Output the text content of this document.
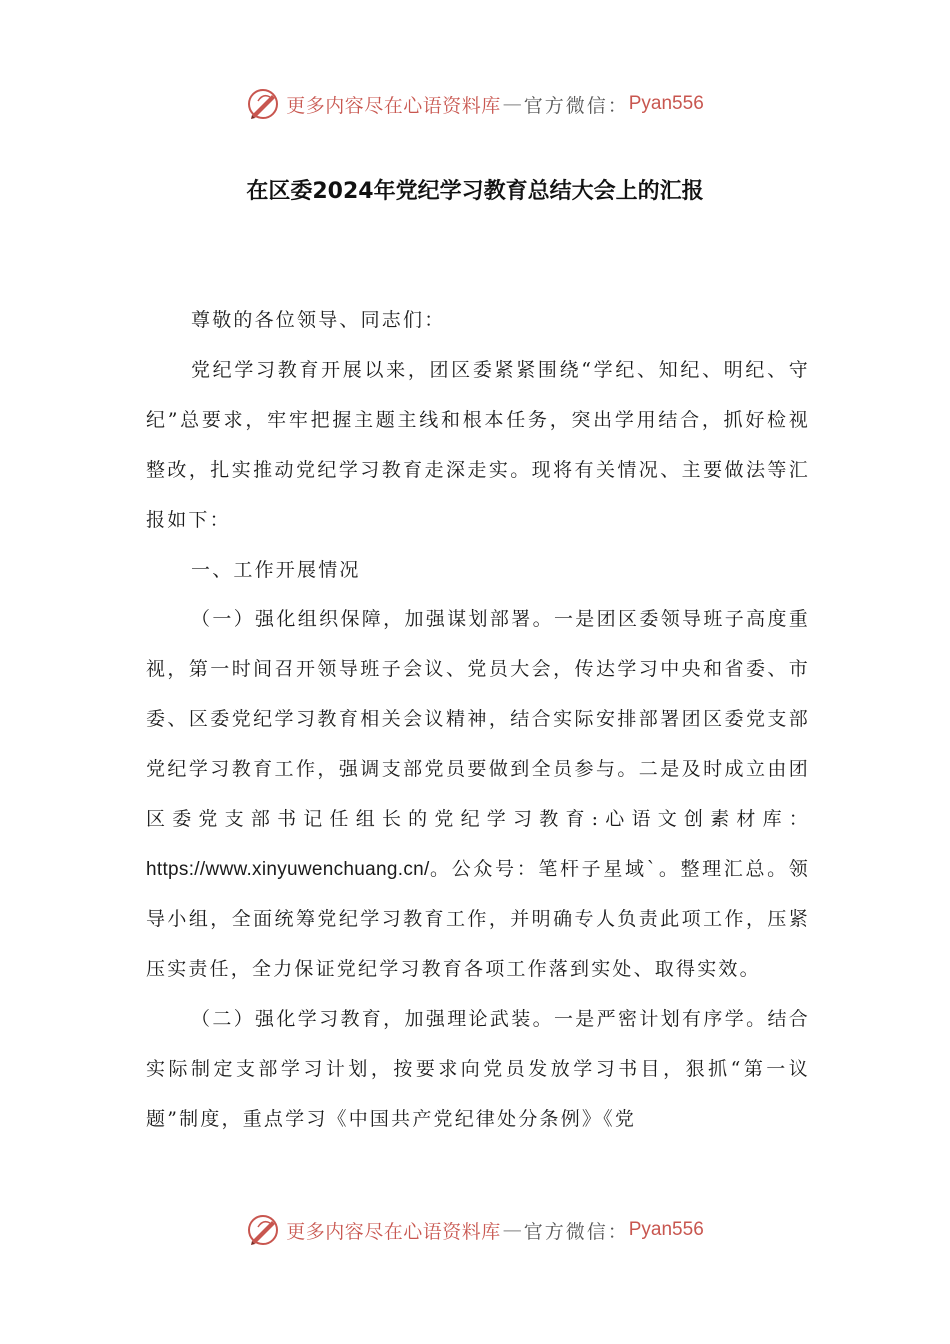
更多内容尽在心语资料库 — 官方微信： Pyan556
在区委2024年党纪学习教育总结大会上的汇报

尊敬的各位领导、同志们：

党纪学习教育开展以来，团区委紧紧围绕“学纪、知纪、明纪、守纪”总要求，牢牢把握主题主线和根本任务，突出学用结合，抓好检视整改，扎实推动党纪学习教育走深走实。现将有关情况、主要做法等汇报如下：

一、工作开展情况

（一）强化组织保障，加强谋划部署。一是团区委领导班子高度重视，第一时间召开领导班子会议、党员大会，传达学习中央和省委、市委、区委党纪学习教育相关会议精神，结合实际安排部署团区委党支部党纪学习教育工作，强调支部党员要做到全员参与。二是及时成立由团区委党支部书记任组长的党纪学习教育:心语文创素材库：https://www.xinyuwenchuang.cn/。公众号：笔杆子星域`。整理汇总。领导小组，全面统筹党纪学习教育工作，并明确专人负责此项工作，压紧压实责任，全力保证党纪学习教育各项工作落到实处、取得实效。

（二）强化学习教育，加强理论武装。一是严密计划有序学。结合实际制定支部学习计划，按要求向党员发放学习书目，狠抓“第一议题”制度，重点学习《中国共产党纪律处分条例》《党

更多内容尽在心语资料库 — 官方微信： Pyan556
